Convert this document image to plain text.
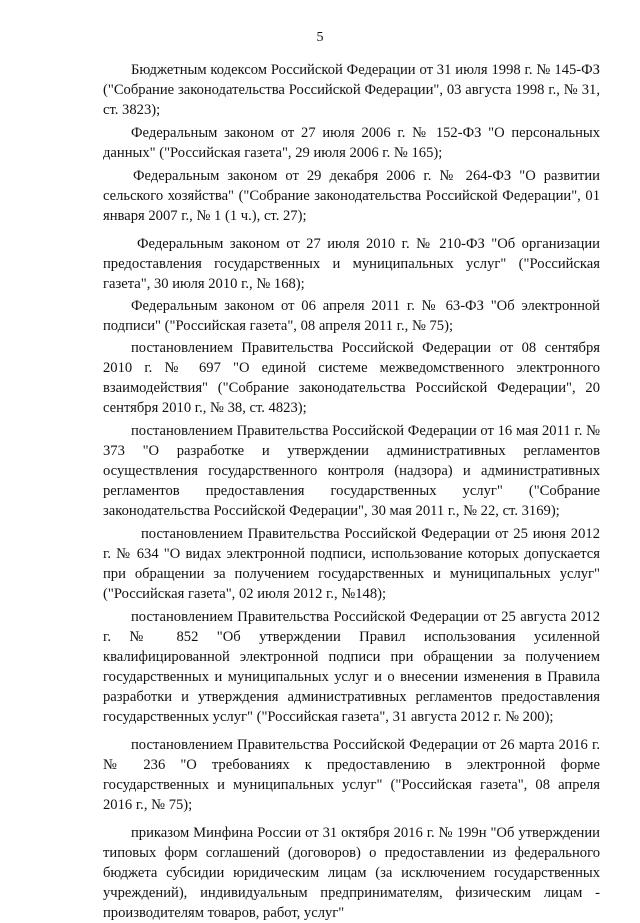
5

Бюджетным кодексом Российской Федерации от 31 июля 1998 г. № 145-ФЗ ("Собрание законодательства Российской Федерации", 03 августа 1998 г., № 31, ст. 3823);

Федеральным законом от 27 июля 2006 г. № 152-ФЗ "О персональных данных" ("Российская газета", 29 июля 2006 г. № 165);

Федеральным законом от 29 декабря 2006 г. № 264-ФЗ "О развитии сельского хозяйства" ("Собрание законодательства Российской Федерации", 01 января 2007 г., № 1 (1 ч.), ст. 27);

Федеральным законом от 27 июля 2010 г. № 210-ФЗ "Об организации предоставления государственных и муниципальных услуг" ("Российская газета", 30 июля 2010 г., № 168);

Федеральным законом от 06 апреля 2011 г. № 63-ФЗ "Об электронной подписи" ("Российская газета", 08 апреля 2011 г., № 75);

постановлением Правительства Российской Федерации от 08 сентября 2010 г. № 697 "О единой системе межведомственного электронного взаимодействия" ("Собрание законодательства Российской Федерации", 20 сентября 2010 г., № 38, ст. 4823);

постановлением Правительства Российской Федерации от 16 мая 2011 г. № 373 "О разработке и утверждении административных регламентов осуществления государственного контроля (надзора) и административных регламентов предоставления государственных услуг" ("Собрание законодательства Российской Федерации", 30 мая 2011 г., № 22, ст. 3169);

постановлением Правительства Российской Федерации от 25 июня 2012 г. № 634 "О видах электронной подписи, использование которых допускается при обращении за получением государственных и муниципальных услуг" ("Российская газета", 02 июля 2012 г., №148);

постановлением Правительства Российской Федерации от 25 августа 2012 г. № 852 "Об утверждении Правил использования усиленной квалифицированной электронной подписи при обращении за получением государственных и муниципальных услуг и о внесении изменения в Правила разработки и утверждения административных регламентов предоставления государственных услуг" ("Российская газета", 31 августа 2012 г. № 200);

постановлением Правительства Российской Федерации от 26 марта 2016 г. № 236 "О требованиях к предоставлению в электронной форме государственных и муниципальных услуг" ("Российская газета", 08 апреля 2016 г., № 75);

приказом Минфина России от 31 октября 2016 г. № 199н "Об утверждении типовых форм соглашений (договоров) о предоставлении из федерального бюджета субсидии юридическим лицам (за исключением государственных учреждений), индивидуальным предпринимателям, физическим лицам - производителям товаров, работ, услуг"
